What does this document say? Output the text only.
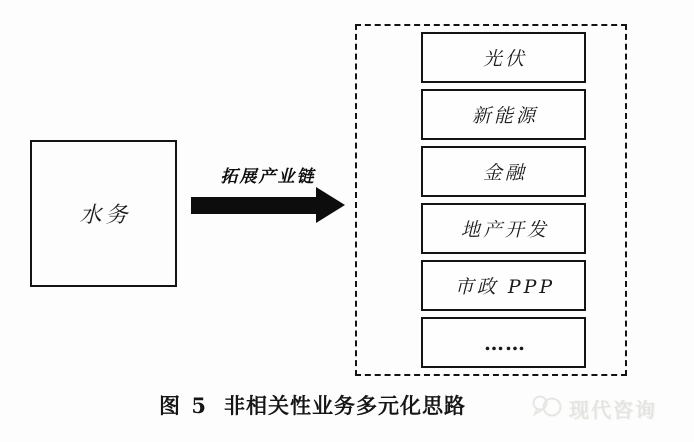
水务
拓展产业链
光伏
新能源
金融
地产开发
市政 PPP
……
图 5 非相关性业务多元化思路	现代咨询
